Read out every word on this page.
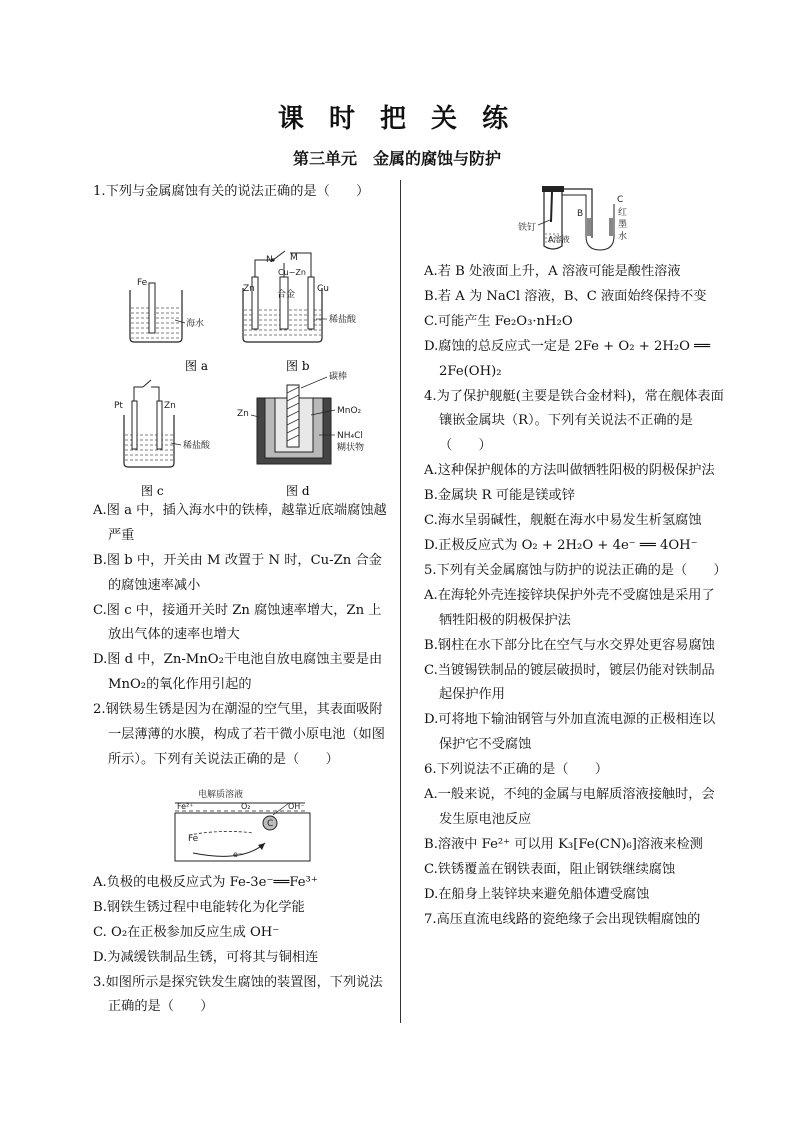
课 时 把 关 练
第三单元　金属的腐蚀与防护

1.下列与金属腐蚀有关的说法正确的是（　　）

Fe
海水
N M
Cu−Zn
Zn
合金
Cu
稀盐酸
图 a	图 b
Pt	Zn
稀盐酸
碳棒
Zn	MnO₂
NH₄Cl
糊状物
图 c	图 d

A.图 a 中，插入海水中的铁棒，越靠近底端腐蚀越严重

B.图 b 中，开关由 M 改置于 N 时，Cu-Zn 合金的腐蚀速率减小

C.图 c 中，接通开关时 Zn 腐蚀速率增大，Zn 上放出气体的速率也增大

D.图 d 中，Zn-MnO₂干电池自放电腐蚀主要是由 MnO₂的氧化作用引起的

2.钢铁易生锈是因为在潮湿的空气里，其表面吸附一层薄薄的水膜，构成了若干微小原电池（如图所示）。下列有关说法正确的是（　　）

电解质溶液
Fe²⁺	O₂	OH⁻
Fe
C
e⁻

A.负极的电极反应式为 Fe-3e⁻══Fe³⁺

B.钢铁生锈过程中电能转化为化学能

C. O₂在正极参加反应生成 OH⁻

D.为减缓铁制品生锈，可将其与铜相连

3.如图所示是探究铁发生腐蚀的装置图，下列说法正确的是（　　）

铁钉
A溶液
B
C
红
墨
水

A.若 B 处液面上升，A 溶液可能是酸性溶液

B.若 A 为 NaCl 溶液，B、C 液面始终保持不变

C.可能产生 Fe₂O₃·nH₂O

D.腐蚀的总反应式一定是 2Fe + O₂ + 2H₂O ══
2Fe(OH)₂

4.为了保护舰艇(主要是铁合金材料)，常在舰体表面镶嵌金属块（R）。下列有关说法不正确的是（　　）

A.这种保护舰体的方法叫做牺牲阳极的阴极保护法

B.金属块 R 可能是镁或锌

C.海水呈弱碱性，舰艇在海水中易发生析氢腐蚀

D.正极反应式为 O₂ + 2H₂O + 4e⁻ ══ 4OH⁻

5.下列有关金属腐蚀与防护的说法正确的是（　　）

A.在海轮外壳连接锌块保护外壳不受腐蚀是采用了牺牲阳极的阴极保护法

B.钢柱在水下部分比在空气与水交界处更容易腐蚀

C.当镀锡铁制品的镀层破损时，镀层仍能对铁制品起保护作用

D.可将地下输油钢管与外加直流电源的正极相连以保护它不受腐蚀

6.下列说法不正确的是（　　）

A.一般来说，不纯的金属与电解质溶液接触时，会发生原电池反应

B.溶液中 Fe²⁺ 可以用 K₃[Fe(CN)₆]溶液来检测

C.铁锈覆盖在钢铁表面，阻止钢铁继续腐蚀

D.在船身上装锌块来避免船体遭受腐蚀

7.高压直流电线路的瓷绝缘子会出现铁帽腐蚀的
